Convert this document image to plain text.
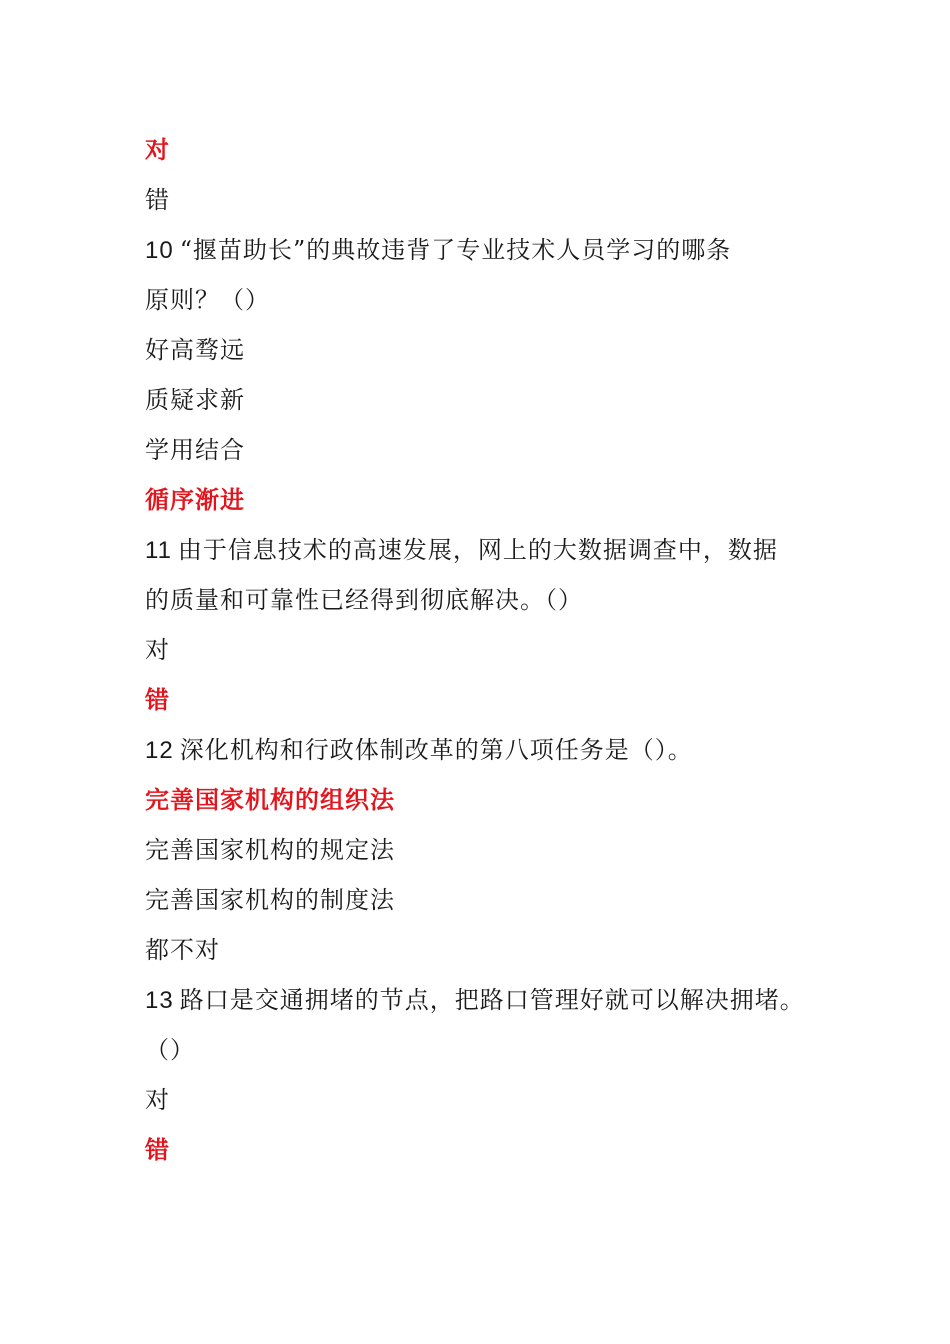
对
错
10 “揠苗助长”的典故违背了专业技术人员学习的哪条
原则？（）
好高骛远
质疑求新
学用结合
循序渐进
11 由于信息技术的高速发展，网上的大数据调查中，数据
的质量和可靠性已经得到彻底解决。（）
对
错
12 深化机构和行政体制改革的第八项任务是（）。
完善国家机构的组织法
完善国家机构的规定法
完善国家机构的制度法
都不对
13 路口是交通拥堵的节点，把路口管理好就可以解决拥堵。
（）
对
错
